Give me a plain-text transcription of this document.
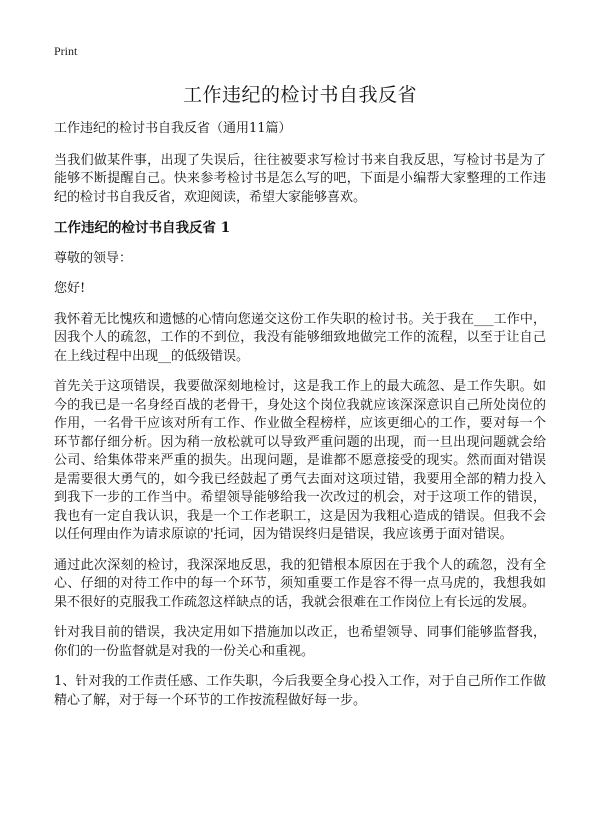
Print
工作违纪的检讨书自我反省

工作违纪的检讨书自我反省（通用11篇）

当我们做某件事，出现了失误后，往往被要求写检讨书来自我反思，写检讨书是为了能够不断提醒自己。快来参考检讨书是怎么写的吧，下面是小编帮大家整理的工作违纪的检讨书自我反省，欢迎阅读，希望大家能够喜欢。

工作违纪的检讨书自我反省 1

尊敬的领导：

您好!

我怀着无比愧疚和遗憾的心情向您递交这份工作失职的检讨书。关于我在___工作中，因我个人的疏忽，工作的不到位，我没有能够细致地做完工作的流程，以至于让自己在上线过程中出现__的低级错误。

首先关于这项错误，我要做深刻地检讨，这是我工作上的最大疏忽、是工作失职。如今的我已是一名身经百战的老骨干，身处这个岗位我就应该深深意识自己所处岗位的作用，一名骨干应该对所有工作、作业做全程榜样，应该更细心的工作，要对每一个环节都仔细分析。因为稍一放松就可以导致严重问题的出现，而一旦出现问题就会给公司、给集体带来严重的损失。出现问题，是谁都不愿意接受的现实。然而面对错误是需要很大勇气的，如今我已经鼓起了勇气去面对这项过错，我要用全部的精力投入到我下一步的工作当中。希望领导能够给我一次改过的机会，对于这项工作的错误，我也有一定自我认识，我是一个工作老职工，这是因为我粗心造成的错误。但我不会以任何理由作为请求原谅的'托词，因为错误终归是错误，我应该勇于面对错误。

通过此次深刻的检讨，我深深地反思，我的犯错根本原因在于我个人的疏忽，没有全心、仔细的对待工作中的每一个环节，须知重要工作是容不得一点马虎的，我想我如果不很好的克服我工作疏忽这样缺点的话，我就会很难在工作岗位上有长远的发展。

针对我目前的错误，我决定用如下措施加以改正，也希望领导、同事们能够监督我，你们的一份监督就是对我的一份关心和重视。

1、针对我的工作责任感、工作失职，今后我要全身心投入工作，对于自己所作工作做精心了解，对于每一个环节的工作按流程做好每一步。
